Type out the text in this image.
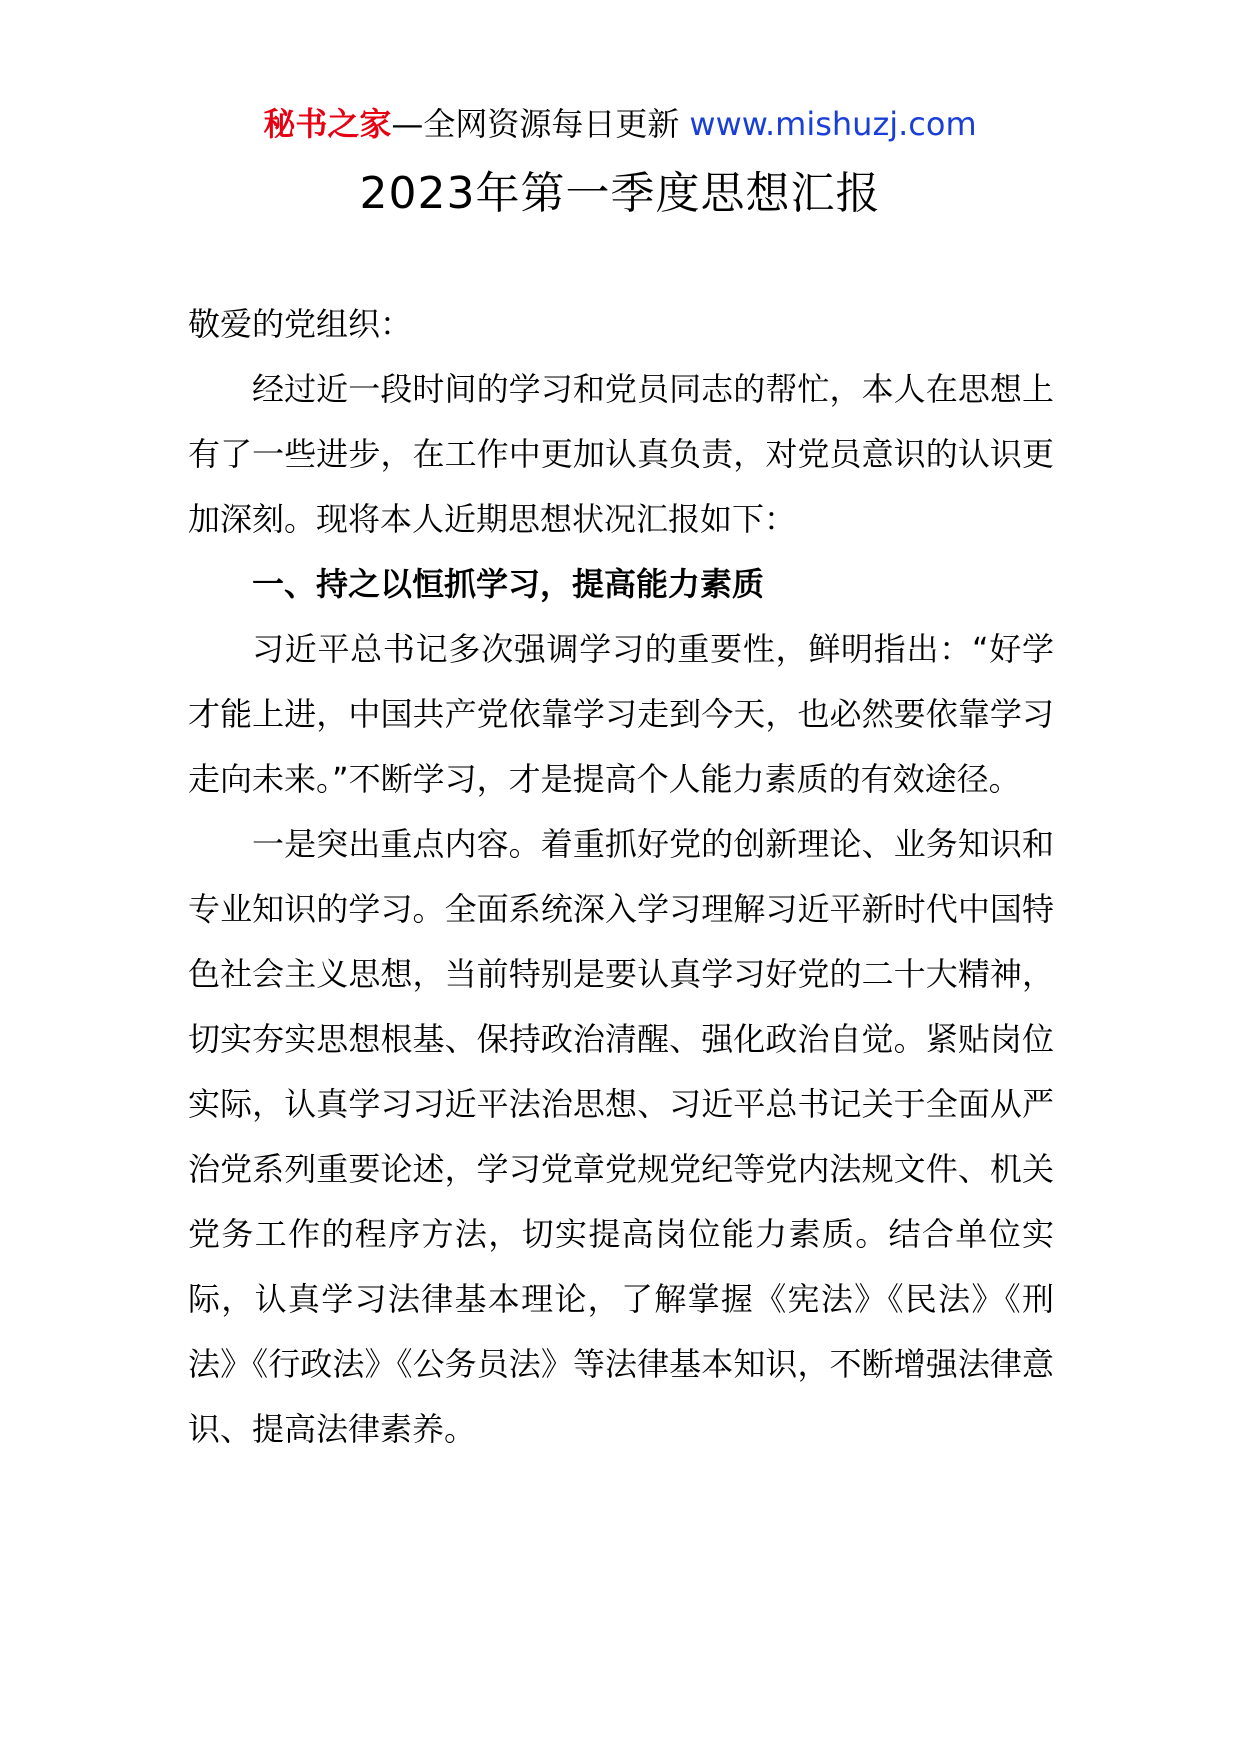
秘书之家—全网资源每日更新 www.mishuzj.com
2023年第一季度思想汇报

敬爱的党组织：

经过近一段时间的学习和党员同志的帮忙，本人在思想上有了一些进步，在工作中更加认真负责，对党员意识的认识更加深刻。现将本人近期思想状况汇报如下：

一、持之以恒抓学习，提高能力素质

习近平总书记多次强调学习的重要性，鲜明指出：“好学才能上进，中国共产党依靠学习走到今天，也必然要依靠学习走向未来。”不断学习，才是提高个人能力素质的有效途径。

一是突出重点内容。着重抓好党的创新理论、业务知识和专业知识的学习。全面系统深入学习理解习近平新时代中国特色社会主义思想，当前特别是要认真学习好党的二十大精神，切实夯实思想根基、保持政治清醒、强化政治自觉。紧贴岗位实际，认真学习习近平法治思想、习近平总书记关于全面从严治党系列重要论述，学习党章党规党纪等党内法规文件、机关党务工作的程序方法，切实提高岗位能力素质。结合单位实际，认真学习法律基本理论，了解掌握《宪法》《民法》《刑法》《行政法》《公务员法》等法律基本知识，不断增强法律意识、提高法律素养。
